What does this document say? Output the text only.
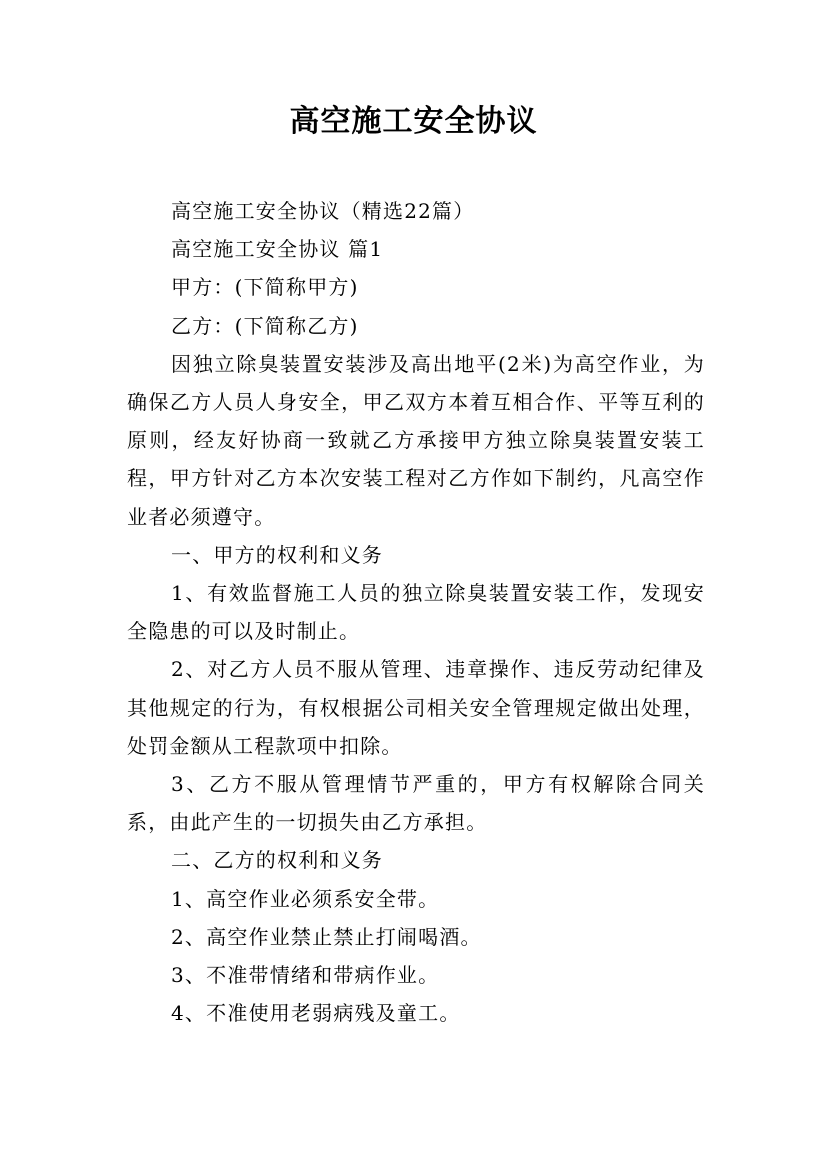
高空施工安全协议

高空施工安全协议（精选22篇）

高空施工安全协议 篇1

甲方：(下简称甲方)

乙方：(下简称乙方)

因独立除臭装置安装涉及高出地平(2米)为高空作业，为确保乙方人员人身安全，甲乙双方本着互相合作、平等互利的原则，经友好协商一致就乙方承接甲方独立除臭装置安装工程，甲方针对乙方本次安装工程对乙方作如下制约，凡高空作业者必须遵守。

一、甲方的权利和义务

1、有效监督施工人员的独立除臭装置安装工作，发现安全隐患的可以及时制止。

2、对乙方人员不服从管理、违章操作、违反劳动纪律及其他规定的行为，有权根据公司相关安全管理规定做出处理，处罚金额从工程款项中扣除。

3、乙方不服从管理情节严重的，甲方有权解除合同关系，由此产生的一切损失由乙方承担。

二、乙方的权利和义务

1、高空作业必须系安全带。

2、高空作业禁止禁止打闹喝酒。

3、不准带情绪和带病作业。

4、不准使用老弱病残及童工。
